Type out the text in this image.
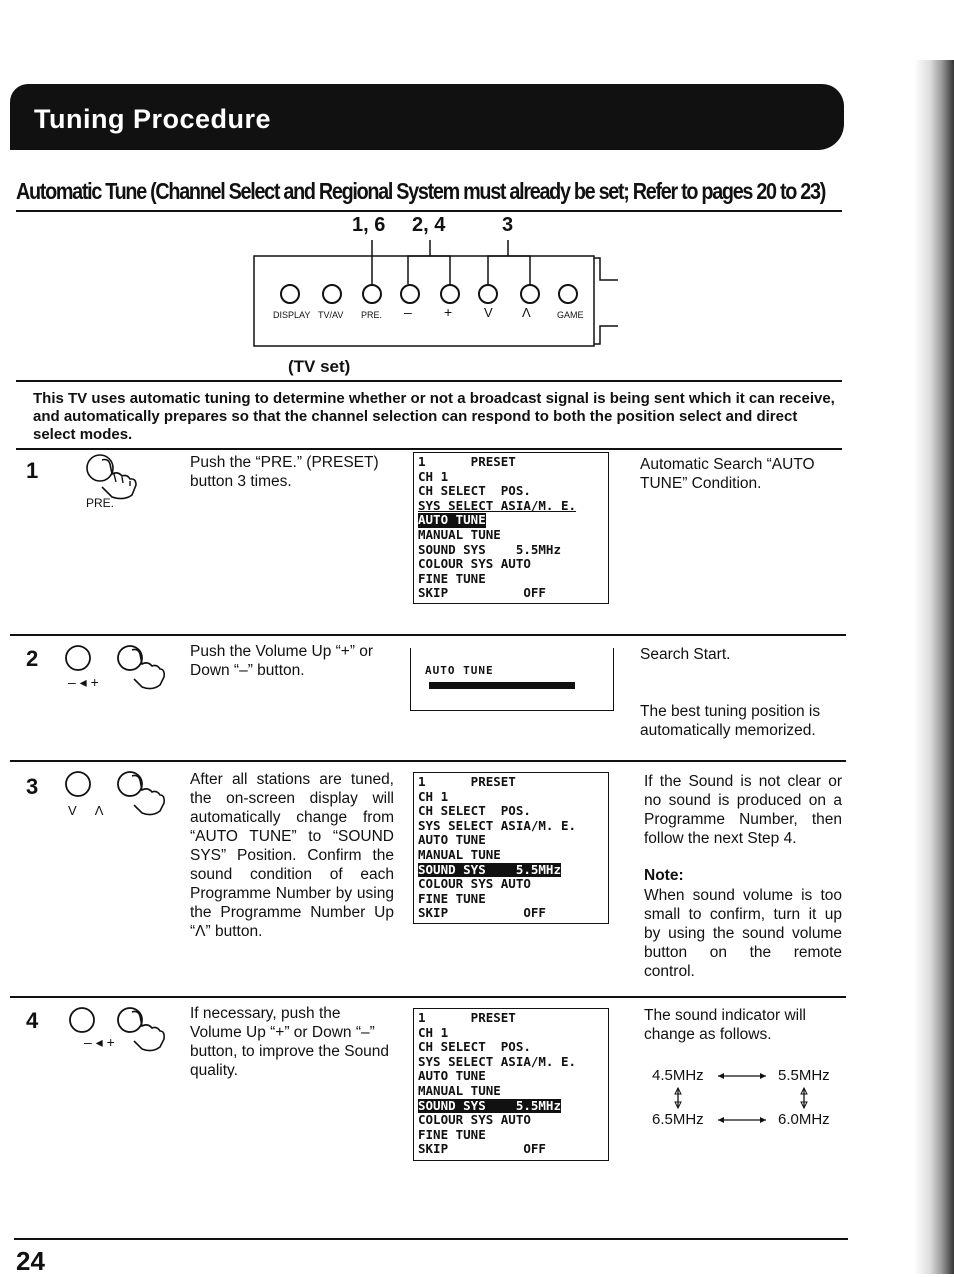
Tuning Procedure
Automatic Tune (Channel Select and Regional System must already be set; Refer to pages 20 to 23)
1, 6 2, 4	3
DISPLAY TV/AV PRE. – + V Λ	GAME
(TV set)
This TV uses automatic tuning to determine whether or not a broadcast signal is being sent which it can receive, and automatically prepares so that the channel selection can respond to both the position select and direct select modes.
1
PRE.
Push the “PRE.” (PRESET) button 3 times.
1      PRESET
CH 1
CH SELECT  POS.
SYS SELECT ASIA/M. E.
AUTO TUNE
MANUAL TUNE
SOUND SYS    5.5MHz
COLOUR SYS AUTO
FINE TUNE
SKIP          OFF
Automatic Search “AUTO TUNE” Condition.
2
– ◂ +
Push the Volume Up “+” or Down “–” button.	AUTO TUNE
Search Start.
The best tuning position is automatically memorized.
3
V     Λ
After all stations are tuned, the on-screen display will automatically change from “AUTO TUNE” to “SOUND SYS” Position. Confirm the sound condition of each Programme Number by using the Programme Number Up “Λ” button.
1      PRESET
CH 1
CH SELECT  POS.
SYS SELECT ASIA/M. E.
AUTO TUNE
MANUAL TUNE
SOUND SYS    5.5MHz
COLOUR SYS AUTO
FINE TUNE
SKIP          OFF
If the Sound is not clear or no sound is produced on a Programme Number, then follow the next Step 4.
Note:
When sound volume is too small to confirm, turn it up by using the sound volume button on the remote control.
4
– ◂ +
If necessary, push the Volume Up “+” or Down “–” button, to improve the Sound quality.
1      PRESET
CH 1
CH SELECT  POS.
SYS SELECT ASIA/M. E.
AUTO TUNE
MANUAL TUNE
SOUND SYS    5.5MHz
COLOUR SYS AUTO
FINE TUNE
SKIP          OFF
The sound indicator will change as follows.
4.5MHz	5.5MHz
6.5MHz	6.0MHz
24
